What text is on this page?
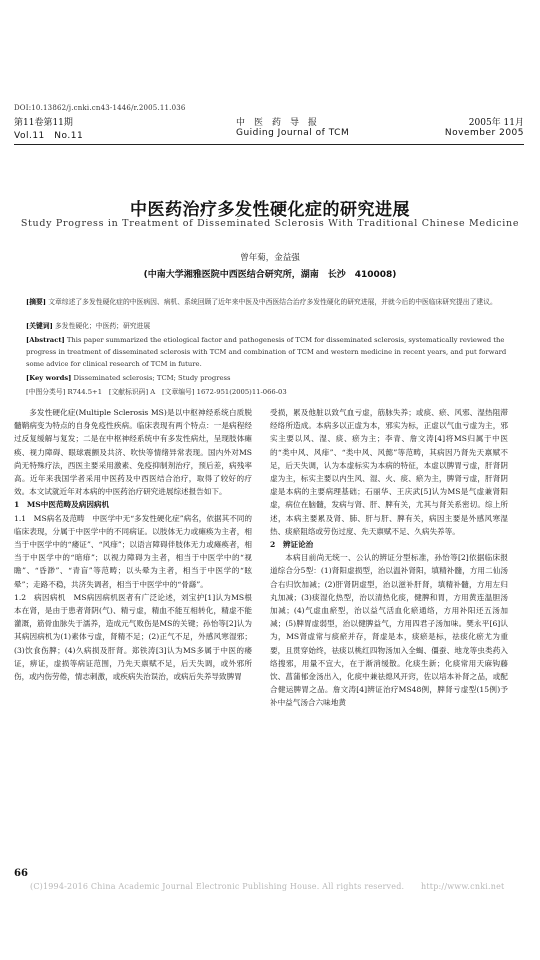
DOI:10.13862/j.cnki.cn43-1446/r.2005.11.036
第11卷第11期	中　医　药　导　报	2005年 11月
Vol.11　No.11	Guiding Journal of TCM	November 2005
中医药治疗多发性硬化症的研究进展
Study Progress in Treatment of Disseminated Sclerosis With Traditional Chinese Medicine
曾年菊，金益强
(中南大学湘雅医院中西医结合研究所，湖南　长沙　410008)
[摘要] 文章综述了多发性硬化症的中医病因、病机、系统回顾了近年来中医及中西医结合治疗多发性硬化的研究进展，并就今后的中医临床研究提出了建议。
[关键词] 多发性硬化；中医药；研究进展
[Abstract] This paper summarized the etiological factor and pathogenesis of TCM for disseminated sclerosis, systematically reviewed the progress in treatment of disseminated sclerosis with TCM and combination of TCM and western medicine in recent years, and put forward some advice for clinical research of TCM in future.
[Key words] Disseminated sclerosis; TCM; Study progress
[中图分类号] R744.5+1　[文献标识码] A　[文章编号] 1672-951(2005)11-066-03

多发性硬化症(Multiple Sclerosis MS)是以中枢神经系统白质脱髓鞘病变为特点的自身免疫性疾病。临床表现有两个特点：一是病程经过反复缓解与复发；二是在中枢神经系统中有多发性病灶，呈现肢体瘫痪、视力障碍、眼球震颤及共济、吹快等情绪异常表现。国内外对MS尚无特殊疗法，西医主要采用激素、免疫抑制剂治疗，预后差，病残率高。近年来我国学者采用中医药及中西医结合治疗，取得了较好的疗效。本文试就近年对本病的中医药治疗研究进展综述报告如下。

1　MS中医范畴及病因病机

1.1　MS病名及范畴　中医学中无“多发性硬化症”病名，依据其不同的临床表现，分属于中医学中的不同病证。以肢体无力或瘫痪为主者，相当于中医学中的“痿证”、“风痱”；以语言障碍伴肢体无力或瘫痪者，相当于中医学中的“暗痱”；以视力障碍为主者，相当于中医学中的“视瞻”、“昏渺”、“青盲”等范畴；以头晕为主者，相当于中医学的“眩晕”；走路不稳，共济失调者，相当于中医学中的“骨繇”。

1.2　病因病机　MS病因病机医者有广泛论述，刘宝护[1]认为MS根本在肾，是由于患者肾阴(气)、精亏虚，精血不能互相转化，精虚不能灌溉，筋骨血脉失于濡养，造成元气败伤是MS的关键；孙怡等[2]认为其病因病机为(1)素体亏虚，肾精不足；(2)正气不足，外感风寒湿邪；(3)饮食伤脾；(4)久病损及肝肾。郑铁涛[3]认为MS多属于中医的痿证，痹证，虚损等病证范围，乃先天禀赋不足，后天失调，或外邪所伤，或内伤劳倦，情志刺激，或疾病失治误治，或病后失养导致脾胃

受损，累及他脏以致气血亏虚，筋脉失养；或痰、瘀、风邪、湿热阻滞经络所造成。本病多以正虚为本，邪实为标，正虚以气血亏虚为主，邪实主要以风、湿、痰、瘀为主；李青、詹文涛[4]将MS归属于中医的“类中风、风痱”、“类中风、风懿”等范畴，其病因乃肾先天禀赋不足，后天失调，认为本虚标实为本病的特征，本虚以脾胃亏虚，肝肾阴虚为主，标实主要以内生风、湿、火、痰、瘀为主，脾肾亏虚，肝肾阴虚是本病的主要病理基础；石丽华、王庆武[5]认为MS是气虚兼肾阳虚，病位在脑髓，发病与肾、肝、脾有关，尤其与肾关系密切。综上所述，本病主要累及肾、肺、肝与肝、脾有关，病因主要是外感风寒湿热、痰瘀阻络或劳伤过度、先天禀赋不足、久病失养等。

2　辨证论治

本病目前尚无统一、公认的辨证分型标准，孙怡等[2]依据临床报道综合分5型：(1)肾阳虚损型，治以温补肾阳，填精补髓，方用二仙汤合右归饮加减；(2)肝肾阴虚型，治以滋补肝肾，填精补髓，方用左归丸加减；(3)痰湿化热型，治以清热化痰，健脾和胃，方用黄连温胆汤加减；(4)气虚血瘀型，治以益气活血化瘀通络，方用补阳还五汤加减；(5)脾胃虚弱型，治以健脾益气，方用四君子汤加味。樊永平[6]认为，MS肾虚常与痰瘀并存，肾虚是本，痰瘀是标，祛痰化瘀尤为重要，且贯穿始终，祛痰以桃红四物汤加入全蝎、僵蚕、地龙等虫类药入络搜邪，用量不宜大，在于渐消缓散。化痰生新；化痰常用天麻钩藤饮、菖蒲郁金汤出入，化痰中兼祛熄风开窍，佐以培本补肾之品，或配合健运脾胃之品。詹文涛[4]辨证治疗MS48例，脾肾亏虚型(15例)予补中益气汤合六味地黄

66
(C)1994-2016 China Academic Journal Electronic Publishing House. All rights reserved. http://www.cnki.net
